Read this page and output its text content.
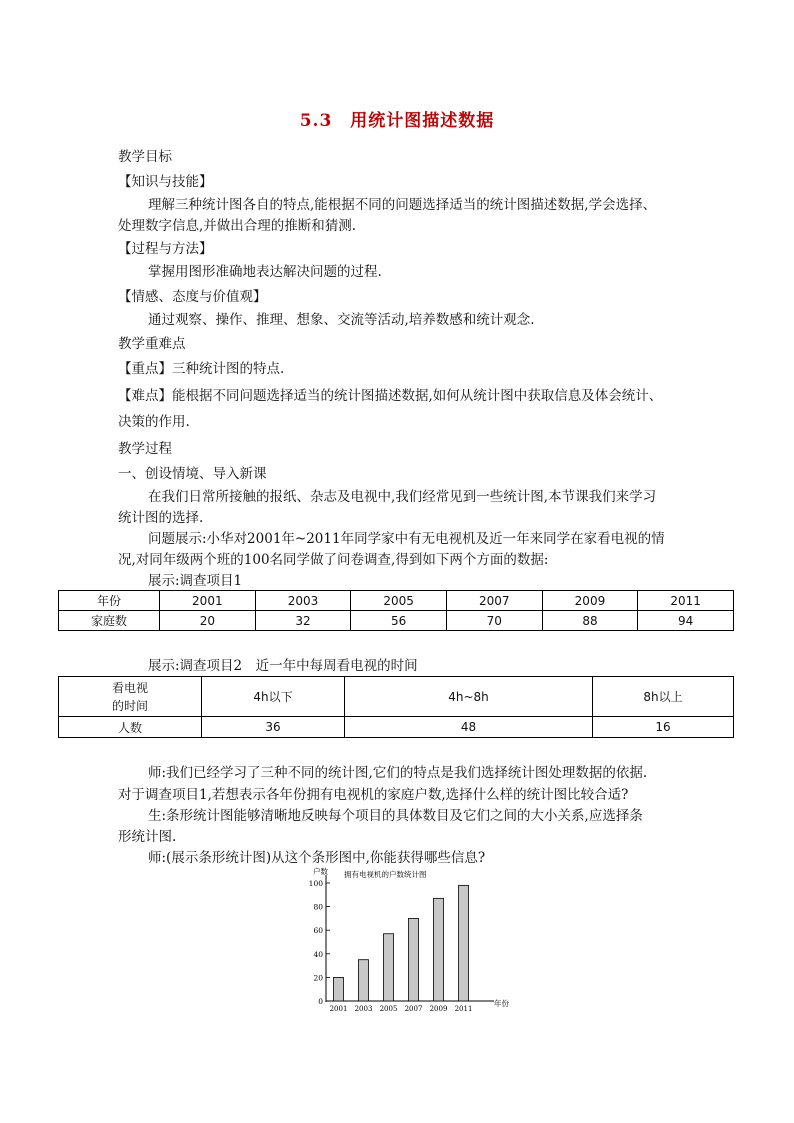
5.3　用统计图描述数据
教学目标
【知识与技能】
理解三种统计图各自的特点,能根据不同的问题选择适当的统计图描述数据,学会选择、
处理数字信息,并做出合理的推断和猜测.
【过程与方法】
掌握用图形准确地表达解决问题的过程.
【情感、态度与价值观】
通过观察、操作、推理、想象、交流等活动,培养数感和统计观念.
教学重难点
【重点】三种统计图的特点.
【难点】能根据不同问题选择适当的统计图描述数据,如何从统计图中获取信息及体会统计、
决策的作用.
教学过程
一、创设情境、导入新课
在我们日常所接触的报纸、杂志及电视中,我们经常见到一些统计图,本节课我们来学习
统计图的选择.
问题展示:小华对2001年~2011年同学家中有无电视机及近一年来同学在家看电视的情
况,对同年级两个班的100名同学做了问卷调查,得到如下两个方面的数据:
展示:调查项目1
年份	2001	2003	2005	2007	2009	2011
家庭数	20	32	56	70	88	94
展示:调查项目2　近一年中每周看电视的时间
看电视
的时间	4h以下	4h~8h	8h以上
人数	36	48	16
师:我们已经学习了三种不同的统计图,它们的特点是我们选择统计图处理数据的依据.
对于调查项目1,若想表示各年份拥有电视机的家庭户数,选择什么样的统计图比较合适?
生:条形统计图能够清晰地反映每个项目的具体数目及它们之间的大小关系,应选择条
形统计图.
师:(展示条形统计图)从这个条形图中,你能获得哪些信息?
拥有电视机的户数统计图
户数
年份
0
20
40
60
80
100
2001 2003 2005 2007 2009 2011
